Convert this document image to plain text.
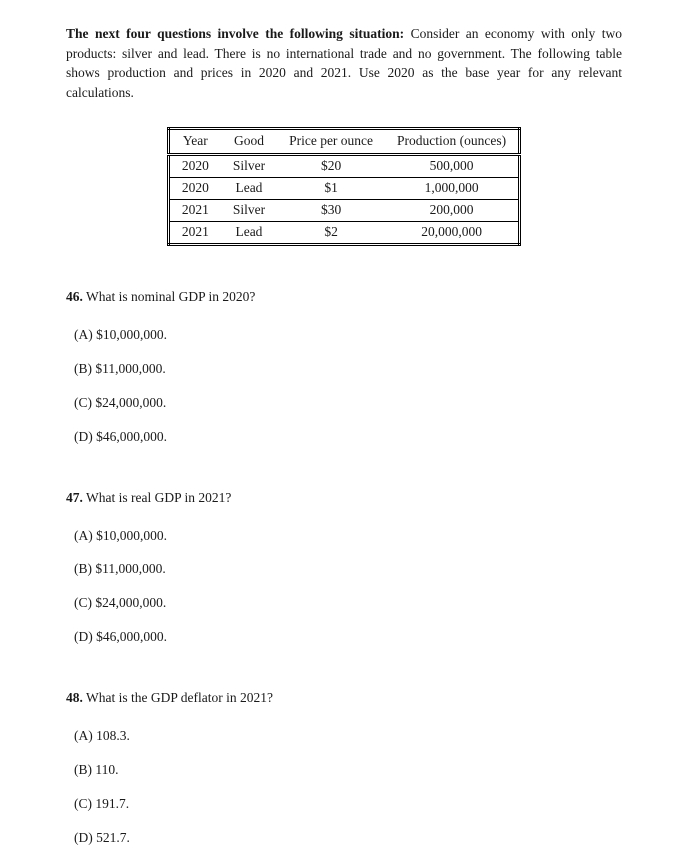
The next four questions involve the following situation: Consider an economy with only two products: silver and lead. There is no international trade and no government. The following table shows production and prices in 2020 and 2021. Use 2020 as the base year for any relevant calculations.

Year	Good	Price per ounce	Production (ounces)
2020	Silver	$20	500,000
2020	Lead	$1	1,000,000
2021	Silver	$30	200,000
2021	Lead	$2	20,000,000

46. What is nominal GDP in 2020?

(A) $10,000,000.
(B) $11,000,000.
(C) $24,000,000.
(D) $46,000,000.

47. What is real GDP in 2021?

(A) $10,000,000.
(B) $11,000,000.
(C) $24,000,000.
(D) $46,000,000.

48. What is the GDP deflator in 2021?

(A) 108.3.
(B) 110.
(C) 191.7.
(D) 521.7.
